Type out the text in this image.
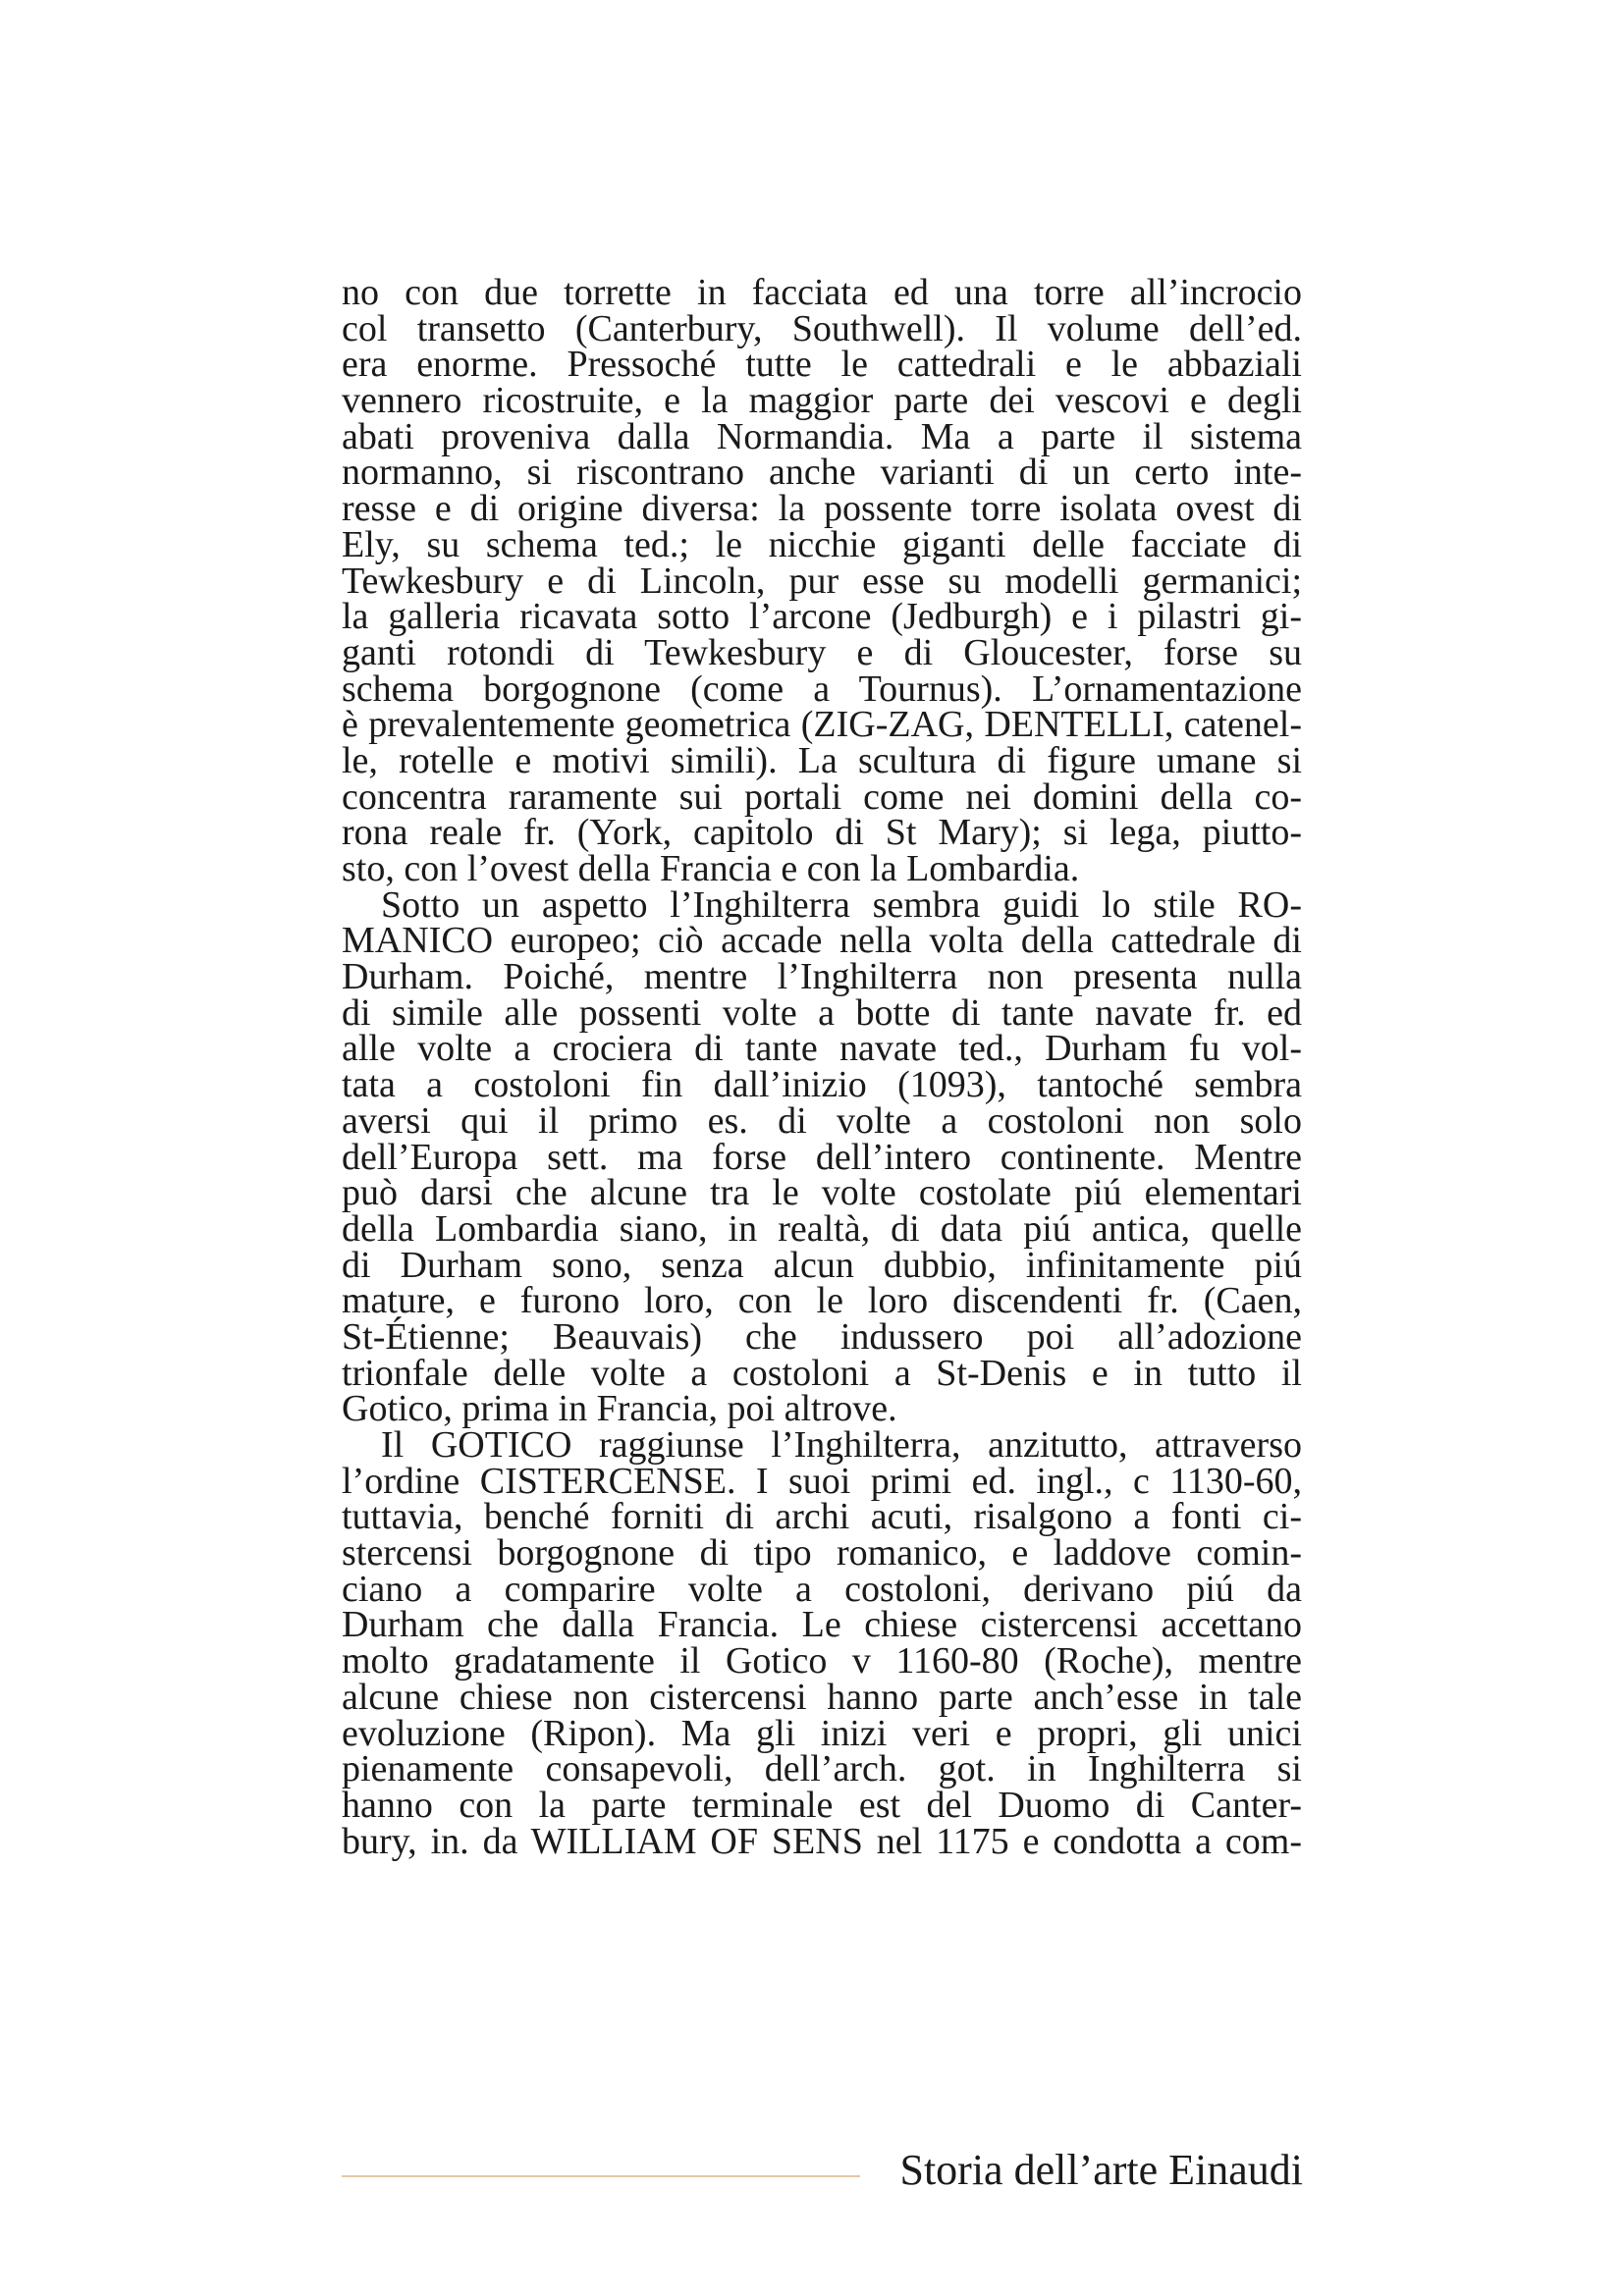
no con due torrette in facciata ed una torre all’incrocio
col transetto (Canterbury, Southwell). Il volume dell’ed.
era enorme. Pressoché tutte le cattedrali e le abbaziali
vennero ricostruite, e la maggior parte dei vescovi e degli
abati proveniva dalla Normandia. Ma a parte il sistema
normanno, si riscontrano anche varianti di un certo inte-
resse e di origine diversa: la possente torre isolata ovest di
Ely, su schema ted.; le nicchie giganti delle facciate di
Tewkesbury e di Lincoln, pur esse su modelli germanici;
la galleria ricavata sotto l’arcone (Jedburgh) e i pilastri gi-
ganti rotondi di Tewkesbury e di Gloucester, forse su
schema borgognone (come a Tournus). L’ornamentazione
è prevalentemente geometrica (ZIG-ZAG, DENTELLI, catenel-
le, rotelle e motivi simili). La scultura di figure umane si
concentra raramente sui portali come nei domini della co-
rona reale fr. (York, capitolo di St Mary); si lega, piutto-
sto, con l’ovest della Francia e con la Lombardia.
Sotto un aspetto l’Inghilterra sembra guidi lo stile RO-
MANICO europeo; ciò accade nella volta della cattedrale di
Durham. Poiché, mentre l’Inghilterra non presenta nulla
di simile alle possenti volte a botte di tante navate fr. ed
alle volte a crociera di tante navate ted., Durham fu vol-
tata a costoloni fin dall’inizio (1093), tantoché sembra
aversi qui il primo es. di volte a costoloni non solo
dell’Europa sett. ma forse dell’intero continente. Mentre
può darsi che alcune tra le volte costolate piú elementari
della Lombardia siano, in realtà, di data piú antica, quelle
di Durham sono, senza alcun dubbio, infinitamente piú
mature, e furono loro, con le loro discendenti fr. (Caen,
St-Étienne; Beauvais) che indussero poi all’adozione
trionfale delle volte a costoloni a St-Denis e in tutto il
Gotico, prima in Francia, poi altrove.
Il GOTICO raggiunse l’Inghilterra, anzitutto, attraverso
l’ordine CISTERCENSE. I suoi primi ed. ingl., c 1130-60,
tuttavia, benché forniti di archi acuti, risalgono a fonti ci-
stercensi borgognone di tipo romanico, e laddove comin-
ciano a comparire volte a costoloni, derivano piú da
Durham che dalla Francia. Le chiese cistercensi accettano
molto gradatamente il Gotico v 1160-80 (Roche), mentre
alcune chiese non cistercensi hanno parte anch’esse in tale
evoluzione (Ripon). Ma gli inizi veri e propri, gli unici
pienamente consapevoli, dell’arch. got. in Inghilterra si
hanno con la parte terminale est del Duomo di Canter-
bury, in. da WILLIAM OF SENS nel 1175 e condotta a com-
Storia dell’arte Einaudi
